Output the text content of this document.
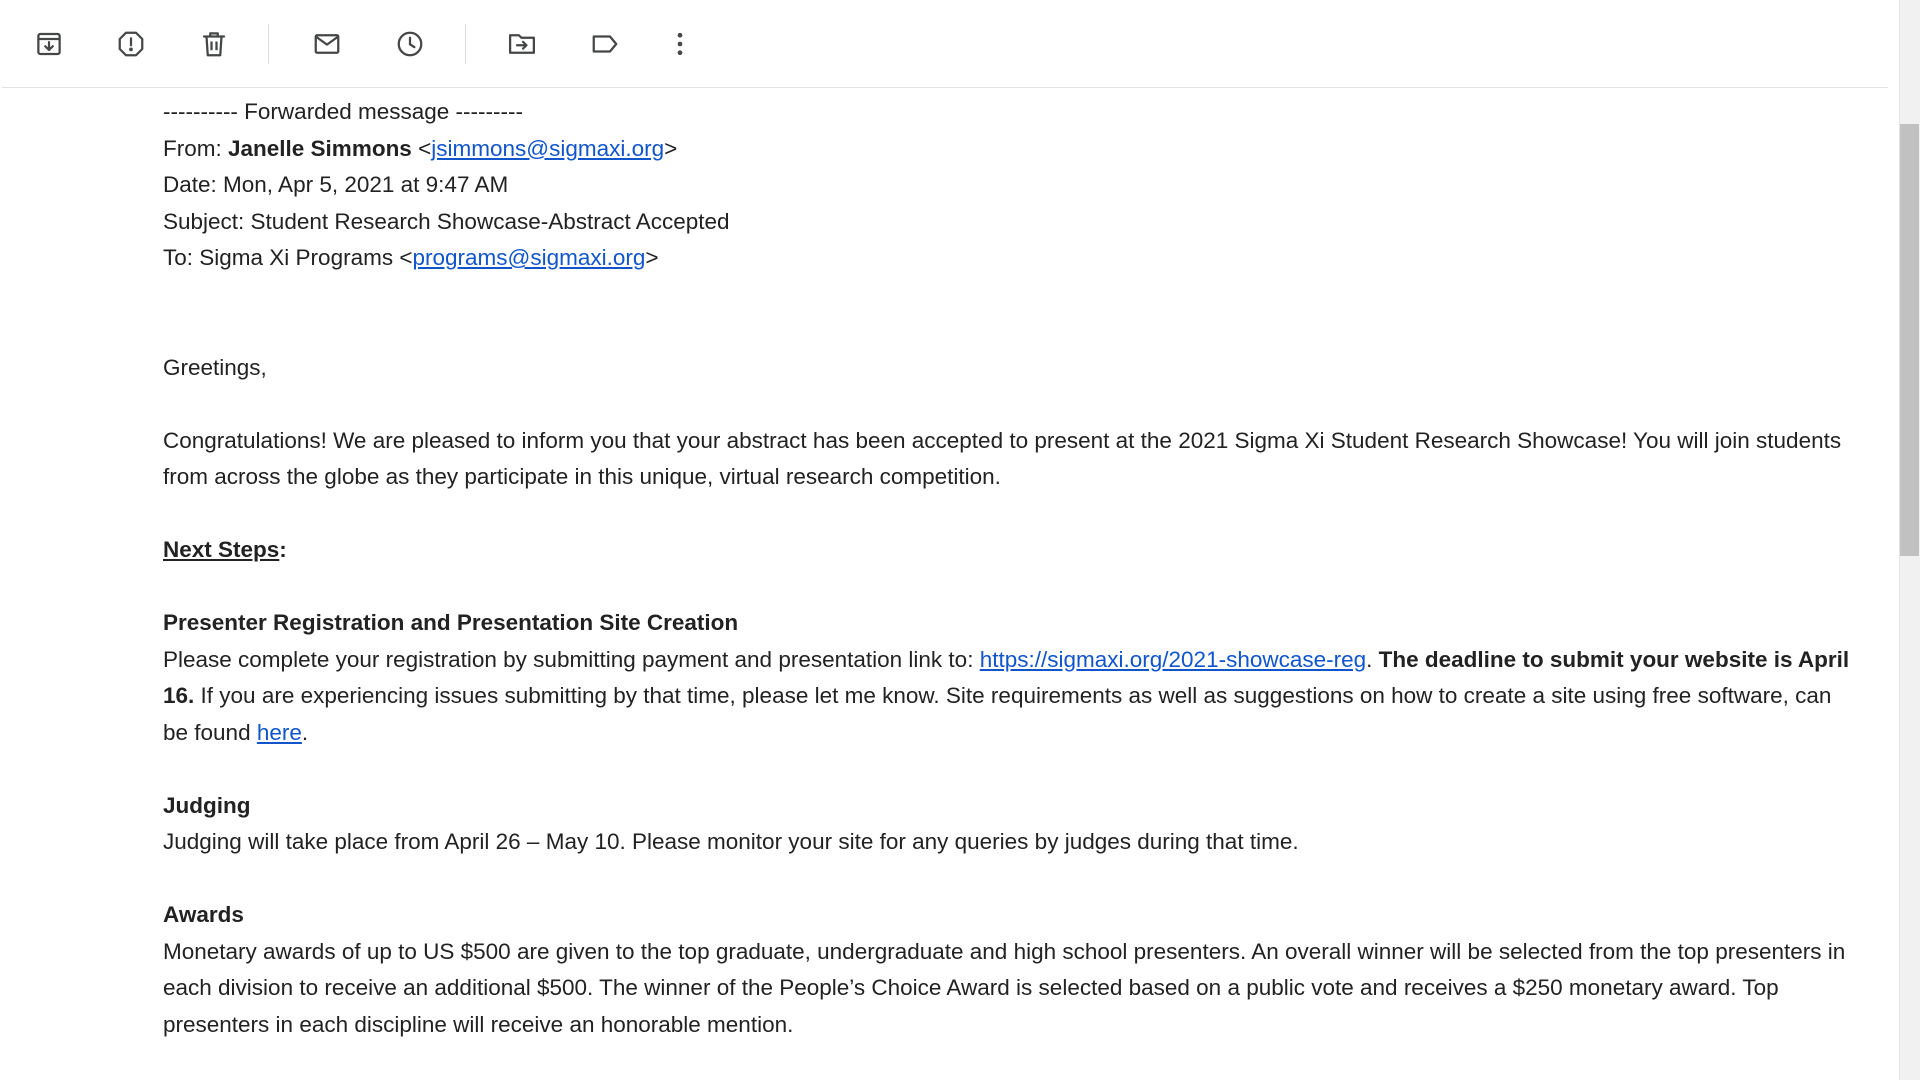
---------- Forwarded message ---------

From: Janelle Simmons <jsimmons@sigmaxi.org>

Date: Mon, Apr 5, 2021 at 9:47 AM

Subject: Student Research Showcase-Abstract Accepted

To: Sigma Xi Programs <programs@sigmaxi.org>

Greetings,

Congratulations! We are pleased to inform you that your abstract has been accepted to present at the 2021 Sigma Xi Student Research Showcase! You will join students from across the globe as they participate in this unique, virtual research competition.

Next Steps:

Presenter Registration and Presentation Site Creation

Please complete your registration by submitting payment and presentation link to: https://sigmaxi.org/2021-showcase-reg. The deadline to submit your website is April 16. If you are experiencing issues submitting by that time, please let me know. Site requirements as well as suggestions on how to create a site using free software, can be found here.

Judging

Judging will take place from April 26 – May 10. Please monitor your site for any queries by judges during that time.

Awards

Monetary awards of up to US $500 are given to the top graduate, undergraduate and high school presenters. An overall winner will be selected from the top presenters in each division to receive an additional $500. The winner of the People’s Choice Award is selected based on a public vote and receives a $250 monetary award. Top presenters in each discipline will receive an honorable mention.
